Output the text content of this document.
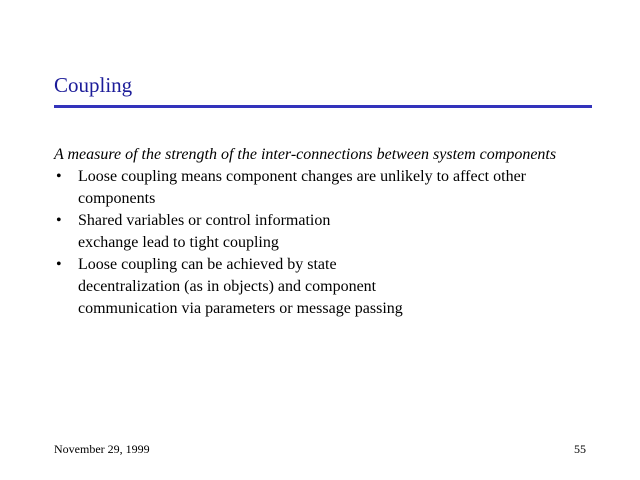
Coupling

A measure of the strength of the inter-connections between system components

• Loose coupling means component changes are unlikely to affect other components
• Shared variables or control information exchange lead to tight coupling
• Loose coupling can be achieved by state decentralization (as in objects) and component communication via parameters or message passing
November 29, 1999	55
